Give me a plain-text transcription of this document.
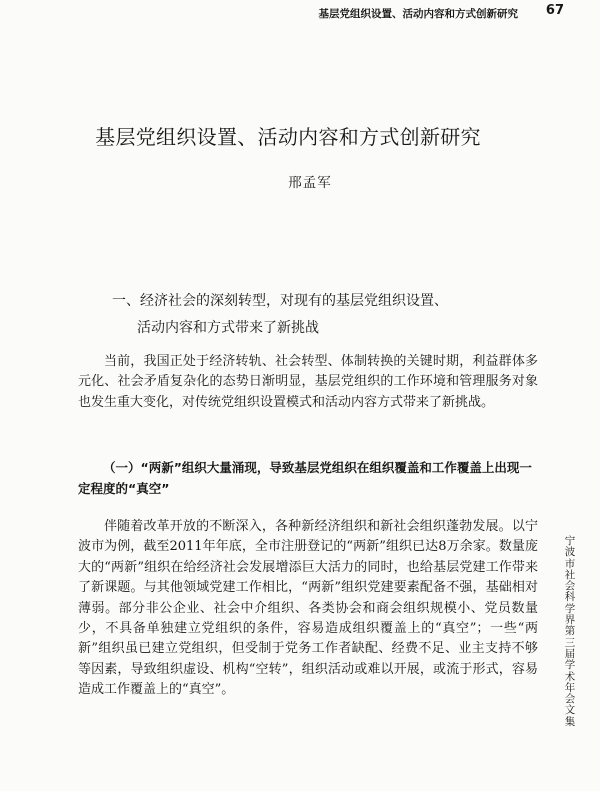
基层党组织设置、活动内容和方式创新研究 67
基层党组织设置、活动内容和方式创新研究
邢孟军
一、经济社会的深刻转型，对现有的基层党组织设置、
活动内容和方式带来了新挑战
当前，我国正处于经济转轨、社会转型、体制转换的关键时期，利益群体多元化、社会矛盾复杂化的态势日渐明显，基层党组织的工作环境和管理服务对象也发生重大变化，对传统党组织设置模式和活动内容方式带来了新挑战。
（一）“两新”组织大量涌现，导致基层党组织在组织覆盖和工作覆盖上出现一定程度的“真空”
伴随着改革开放的不断深入，各种新经济组织和新社会组织蓬勃发展。以宁波市为例，截至2011年年底，全市注册登记的“两新”组织已达8万余家。数量庞大的“两新”组织在给经济社会发展增添巨大活力的同时，也给基层党建工作带来了新课题。与其他领域党建工作相比，“两新”组织党建要素配备不强，基础相对薄弱。部分非公企业、社会中介组织、各类协会和商会组织规模小、党员数量少，不具备单独建立党组织的条件，容易造成组织覆盖上的“真空”；一些“两新”组织虽已建立党组织，但受制于党务工作者缺配、经费不足、业主支持不够等因素，导致组织虚设、机构“空转”，组织活动或难以开展，或流于形式，容易造成工作覆盖上的“真空”。
宁波市社会科学界第三届学术年会文集
